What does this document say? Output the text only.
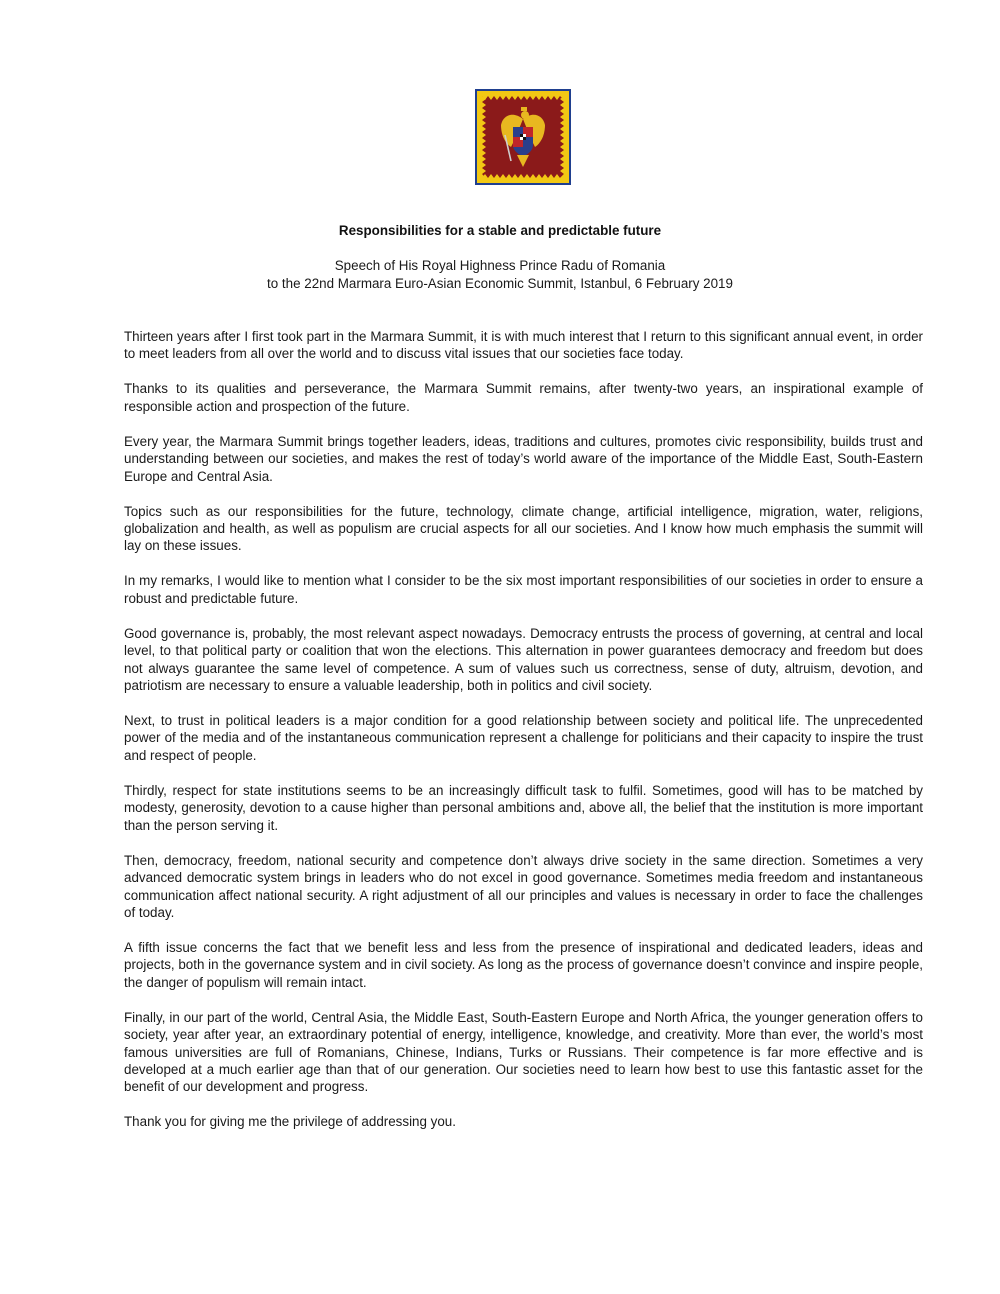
Responsibilities for a stable and predictable future
Speech of His Royal Highness Prince Radu of Romania
to the 22nd Marmara Euro-Asian Economic Summit, Istanbul, 6 February 2019

Thirteen years after I first took part in the Marmara Summit, it is with much interest that I return to this significant annual event, in order to meet leaders from all over the world and to discuss vital issues that our societies face today.

Thanks to its qualities and perseverance, the Marmara Summit remains, after twenty-two years, an inspirational example of responsible action and prospection of the future.

Every year, the Marmara Summit brings together leaders, ideas, traditions and cultures, promotes civic responsibility, builds trust and understanding between our societies, and makes the rest of today’s world aware of the importance of the Middle East, South-Eastern Europe and Central Asia.

Topics such as our responsibilities for the future, technology, climate change, artificial intelligence, migration, water, religions, globalization and health, as well as populism are crucial aspects for all our societies. And I know how much emphasis the summit will lay on these issues.

In my remarks, I would like to mention what I consider to be the six most important responsibilities of our societies in order to ensure a robust and predictable future.

Good governance is, probably, the most relevant aspect nowadays. Democracy entrusts the process of governing, at central and local level, to that political party or coalition that won the elections. This alternation in power guarantees democracy and freedom but does not always guarantee the same level of competence. A sum of values such us correctness, sense of duty, altruism, devotion, and patriotism are necessary to ensure a valuable leadership, both in politics and civil society.

Next, to trust in political leaders is a major condition for a good relationship between society and political life. The unprecedented power of the media and of the instantaneous communication represent a challenge for politicians and their capacity to inspire the trust and respect of people.

Thirdly, respect for state institutions seems to be an increasingly difficult task to fulfil. Sometimes, good will has to be matched by modesty, generosity, devotion to a cause higher than personal ambitions and, above all, the belief that the institution is more important than the person serving it.

Then, democracy, freedom, national security and competence don’t always drive society in the same direction. Sometimes a very advanced democratic system brings in leaders who do not excel in good governance. Sometimes media freedom and instantaneous communication affect national security. A right adjustment of all our principles and values is necessary in order to face the challenges of today.

A fifth issue concerns the fact that we benefit less and less from the presence of inspirational and dedicated leaders, ideas and projects, both in the governance system and in civil society. As long as the process of governance doesn’t convince and inspire people, the danger of populism will remain intact.

Finally, in our part of the world, Central Asia, the Middle East, South-Eastern Europe and North Africa, the younger generation offers to society, year after year, an extraordinary potential of energy, intelligence, knowledge, and creativity. More than ever, the world’s most famous universities are full of Romanians, Chinese, Indians, Turks or Russians. Their competence is far more effective and is developed at a much earlier age than that of our generation. Our societies need to learn how best to use this fantastic asset for the benefit of our development and progress.

Thank you for giving me the privilege of addressing you.
